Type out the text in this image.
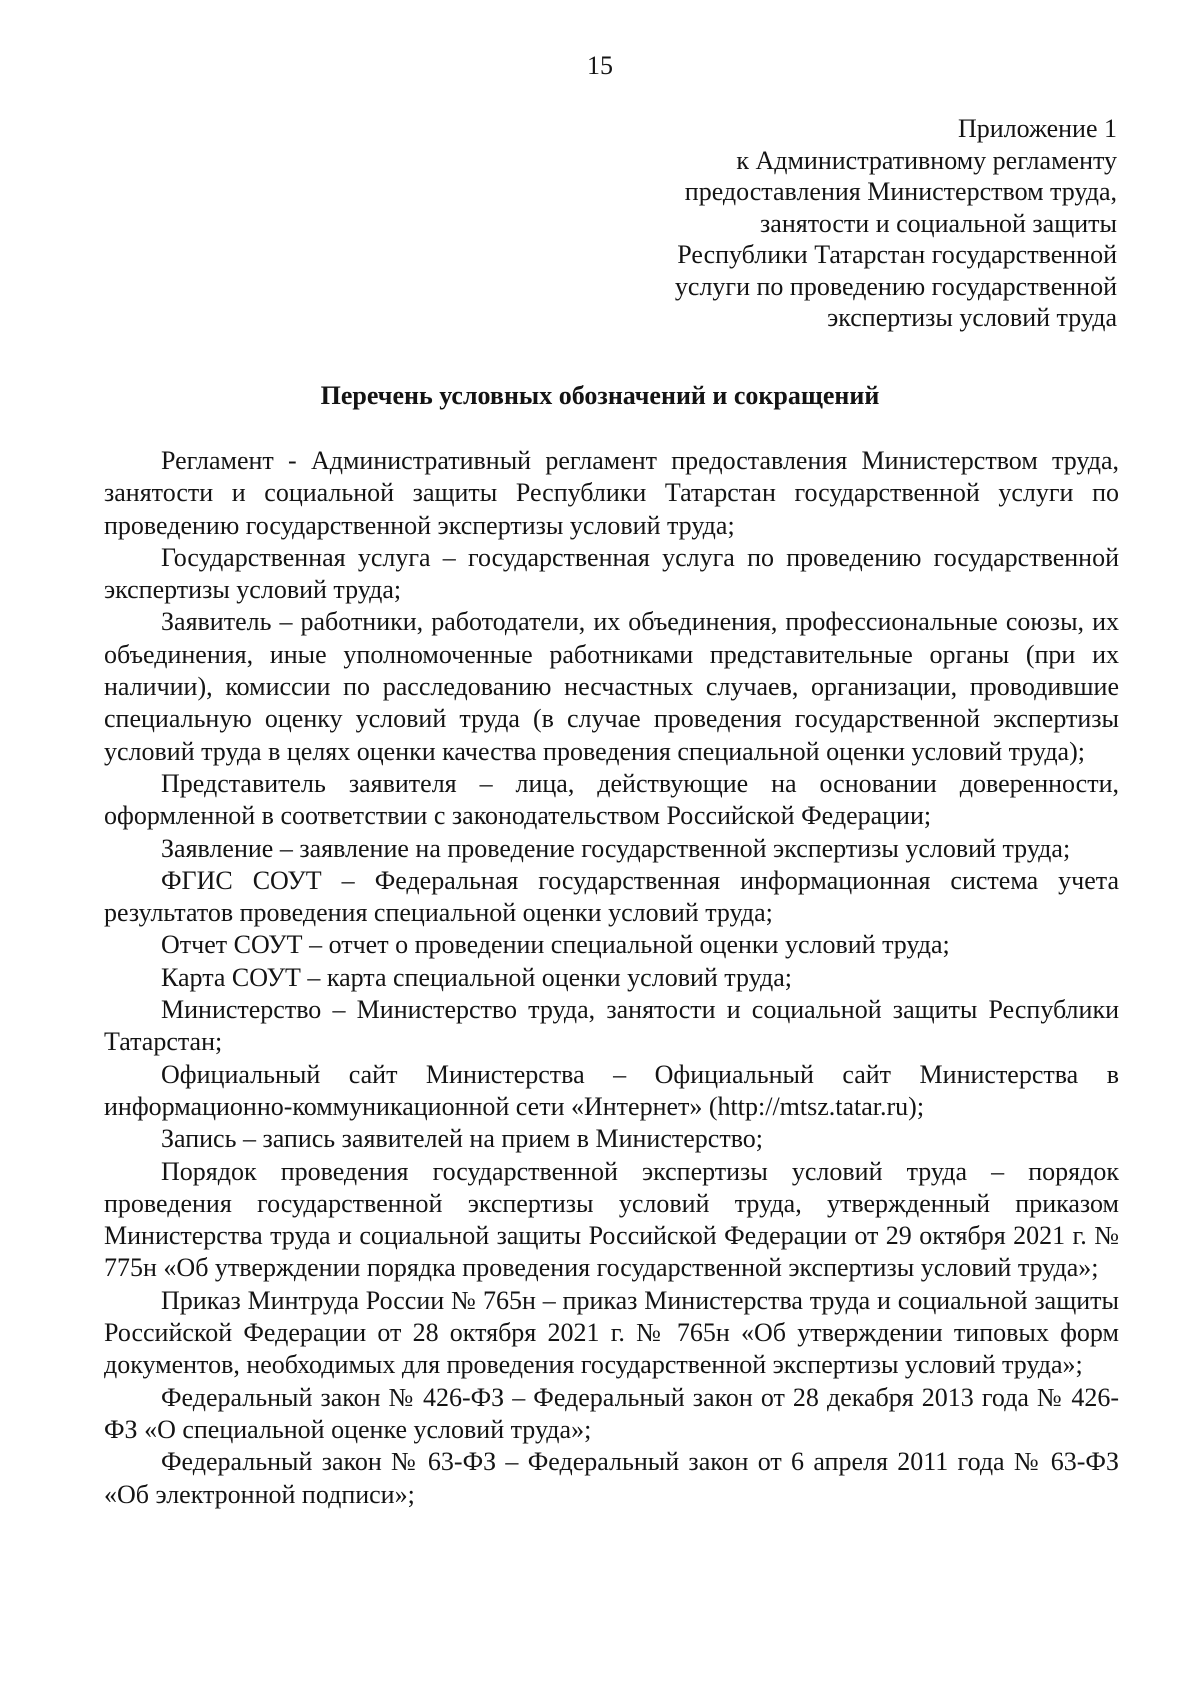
15
Приложение 1
к Административному регламенту
предоставления Министерством труда,
занятости и социальной защиты
Республики Татарстан государственной
услуги по проведению государственной
экспертизы условий труда
Перечень условных обозначений и сокращений

Регламент - Административный регламент предоставления Министерством труда, занятости и социальной защиты Республики Татарстан государственной услуги по проведению государственной экспертизы условий труда;

Государственная услуга – государственная услуга по проведению государственной экспертизы условий труда;

Заявитель – работники, работодатели, их объединения, профессиональные союзы, их объединения, иные уполномоченные работниками представительные органы (при их наличии), комиссии по расследованию несчастных случаев, организации, проводившие специальную оценку условий труда (в случае проведения государственной экспертизы условий труда в целях оценки качества проведения специальной оценки условий труда);

Представитель заявителя – лица, действующие на основании доверенности, оформленной в соответствии с законодательством Российской Федерации;

Заявление – заявление на проведение государственной экспертизы условий труда;

ФГИС СОУТ – Федеральная государственная информационная система учета результатов проведения специальной оценки условий труда;

Отчет СОУТ – отчет о проведении специальной оценки условий труда;

Карта СОУТ – карта специальной оценки условий труда;

Министерство – Министерство труда, занятости и социальной защиты Республики Татарстан;

Официальный сайт Министерства – Официальный сайт Министерства в информационно-коммуникационной сети «Интернет» (http://mtsz.tatar.ru);

Запись – запись заявителей на прием в Министерство;

Порядок проведения государственной экспертизы условий труда – порядок проведения государственной экспертизы условий труда, утвержденный приказом Министерства труда и социальной защиты Российской Федерации от 29 октября 2021 г. № 775н «Об утверждении порядка проведения государственной экспертизы условий труда»;

Приказ Минтруда России № 765н – приказ Министерства труда и социальной защиты Российской Федерации от 28 октября 2021 г. № 765н «Об утверждении типовых форм документов, необходимых для проведения государственной экспертизы условий труда»;

Федеральный закон № 426-ФЗ – Федеральный закон от 28 декабря 2013 года № 426-ФЗ «О специальной оценке условий труда»;

Федеральный закон № 63-ФЗ – Федеральный закон от 6 апреля 2011 года № 63-ФЗ «Об электронной подписи»;
